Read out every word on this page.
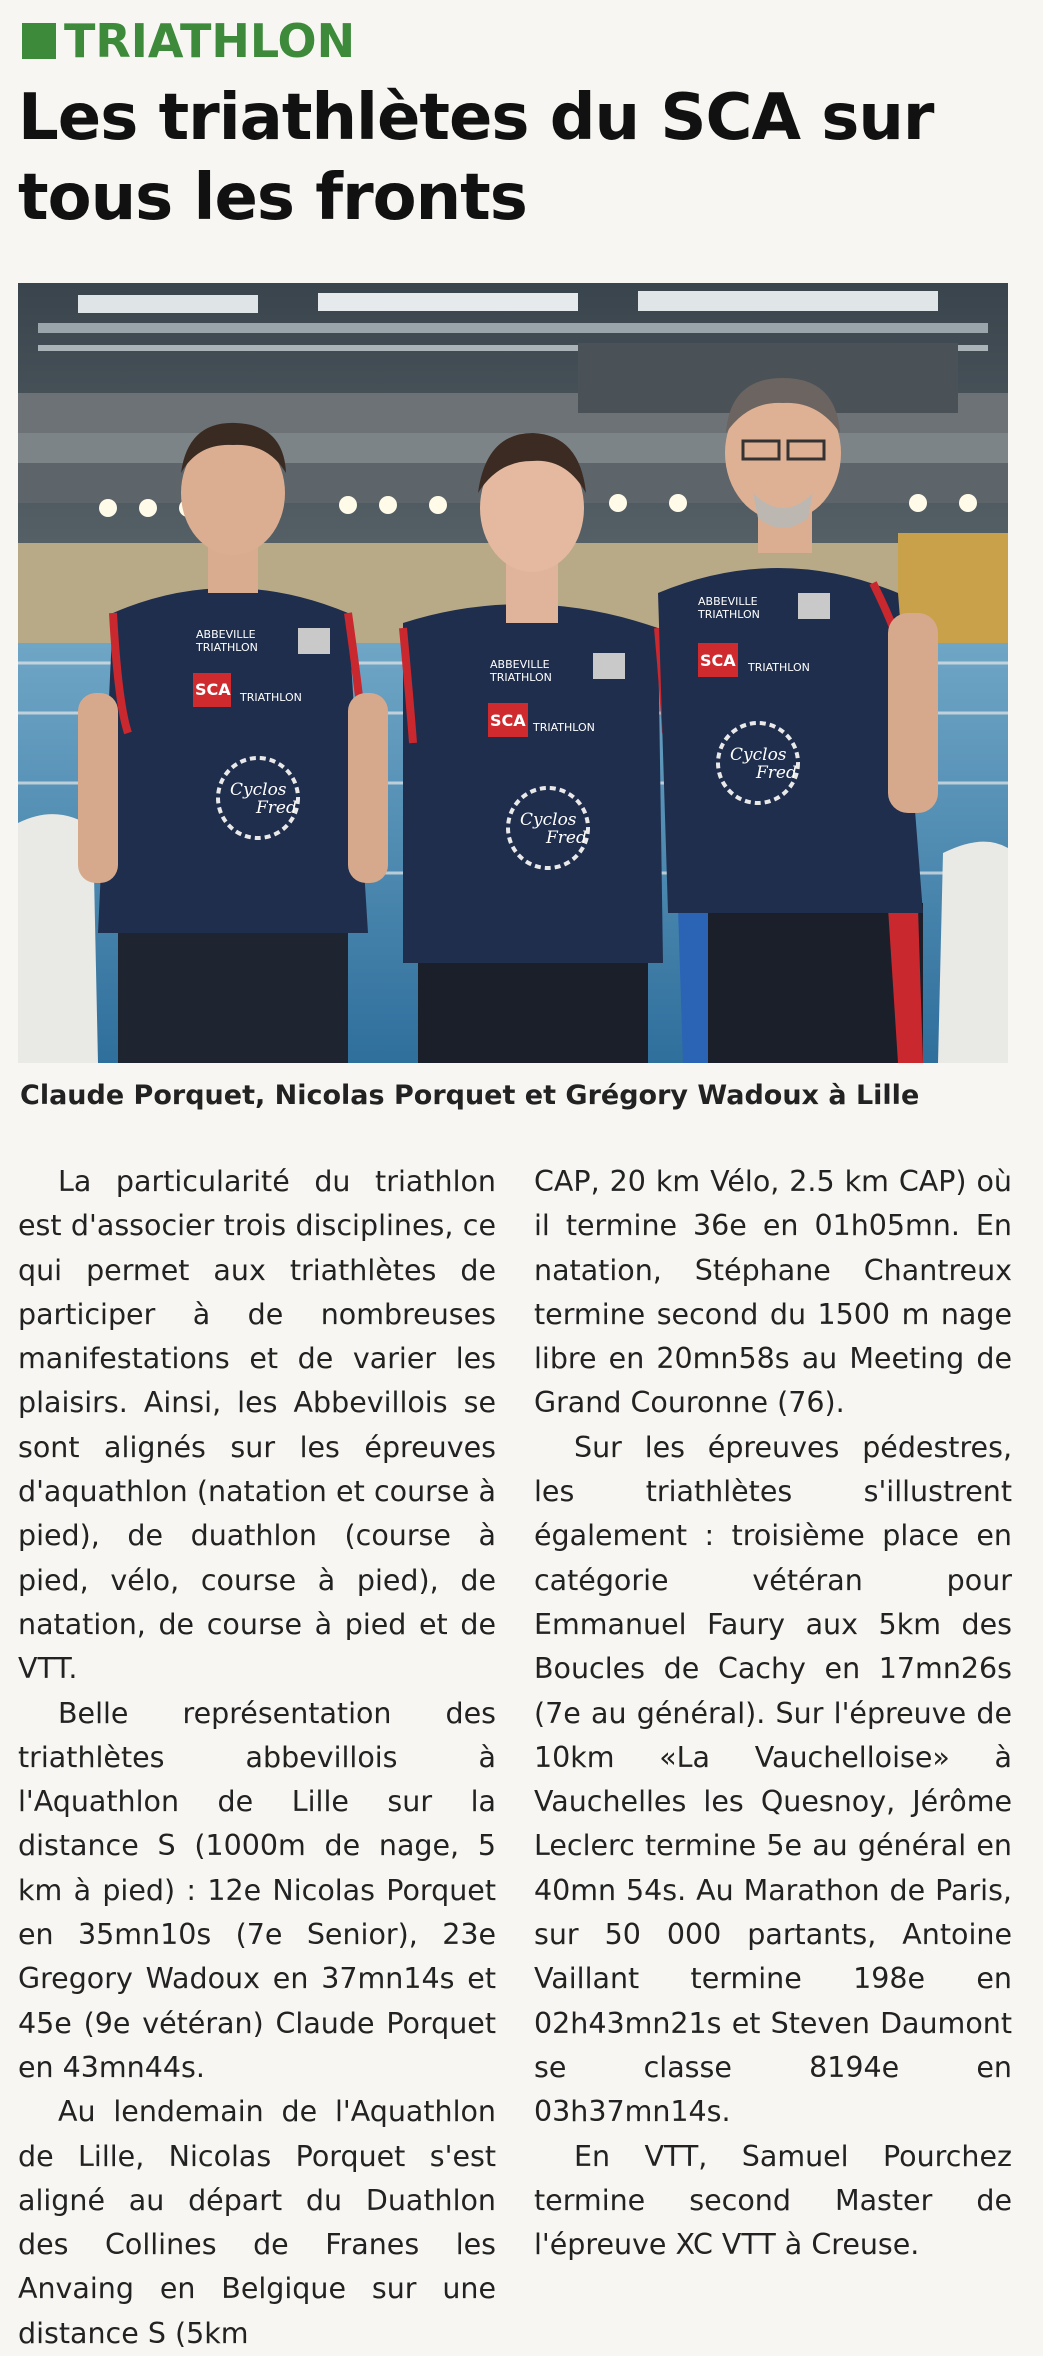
TRIATHLON
Les triathlètes du SCA sur tous les fronts
SCA
SCA
SCA
ABBEVILLE
TRIATHLON
ABBEVILLE
TRIATHLON
ABBEVILLE
TRIATHLON
TRIATHLON
TRIATHLON
TRIATHLON
Cyclos
Fred
Cyclos
Fred
Cyclos
Fred
Claude Porquet, Nicolas Porquet et Grégory Wadoux à Lille

La particularité du triathlon est d'associer trois disciplines, ce qui permet aux triathlètes de participer à de nombreuses manifestations et de varier les plaisirs. Ainsi, les Abbevillois se sont alignés sur les épreuves d'aquathlon (natation et course à pied), de duathlon (course à pied, vélo, course à pied), de natation, de course à pied et de VTT.

Belle représentation des triathlètes abbevillois à l'Aquathlon de Lille sur la distance S (1000m de nage, 5 km à pied) : 12e Nicolas Porquet en 35mn10s (7e Senior), 23e Gregory Wadoux en 37mn14s et 45e (9e vétéran) Claude Porquet en 43mn44s.

Au lendemain de l'Aquathlon de Lille, Nicolas Porquet s'est aligné au départ du Duathlon des Collines de Franes les Anvaing en Belgique sur une distance S (5km

CAP, 20 km Vélo, 2.5 km CAP) où il termine 36e en 01h05mn. En natation, Stéphane Chantreux termine second du 1500 m nage libre en 20mn58s au Meeting de Grand Couronne (76).

Sur les épreuves pédestres, les triathlètes s'illustrent également : troisième place en catégorie vétéran pour Emmanuel Faury aux 5km des Boucles de Cachy en 17mn26s (7e au général). Sur l'épreuve de 10km «La Vauchelloise» à Vauchelles les Quesnoy, Jérôme Leclerc termine 5e au général en 40mn 54s. Au Marathon de Paris, sur 50 000 partants, Antoine Vaillant termine 198e en 02h43mn21s et Steven Daumont se classe 8194e en 03h37mn14s.

En VTT, Samuel Pourchez termine second Master de l'épreuve XC VTT à Creuse.
